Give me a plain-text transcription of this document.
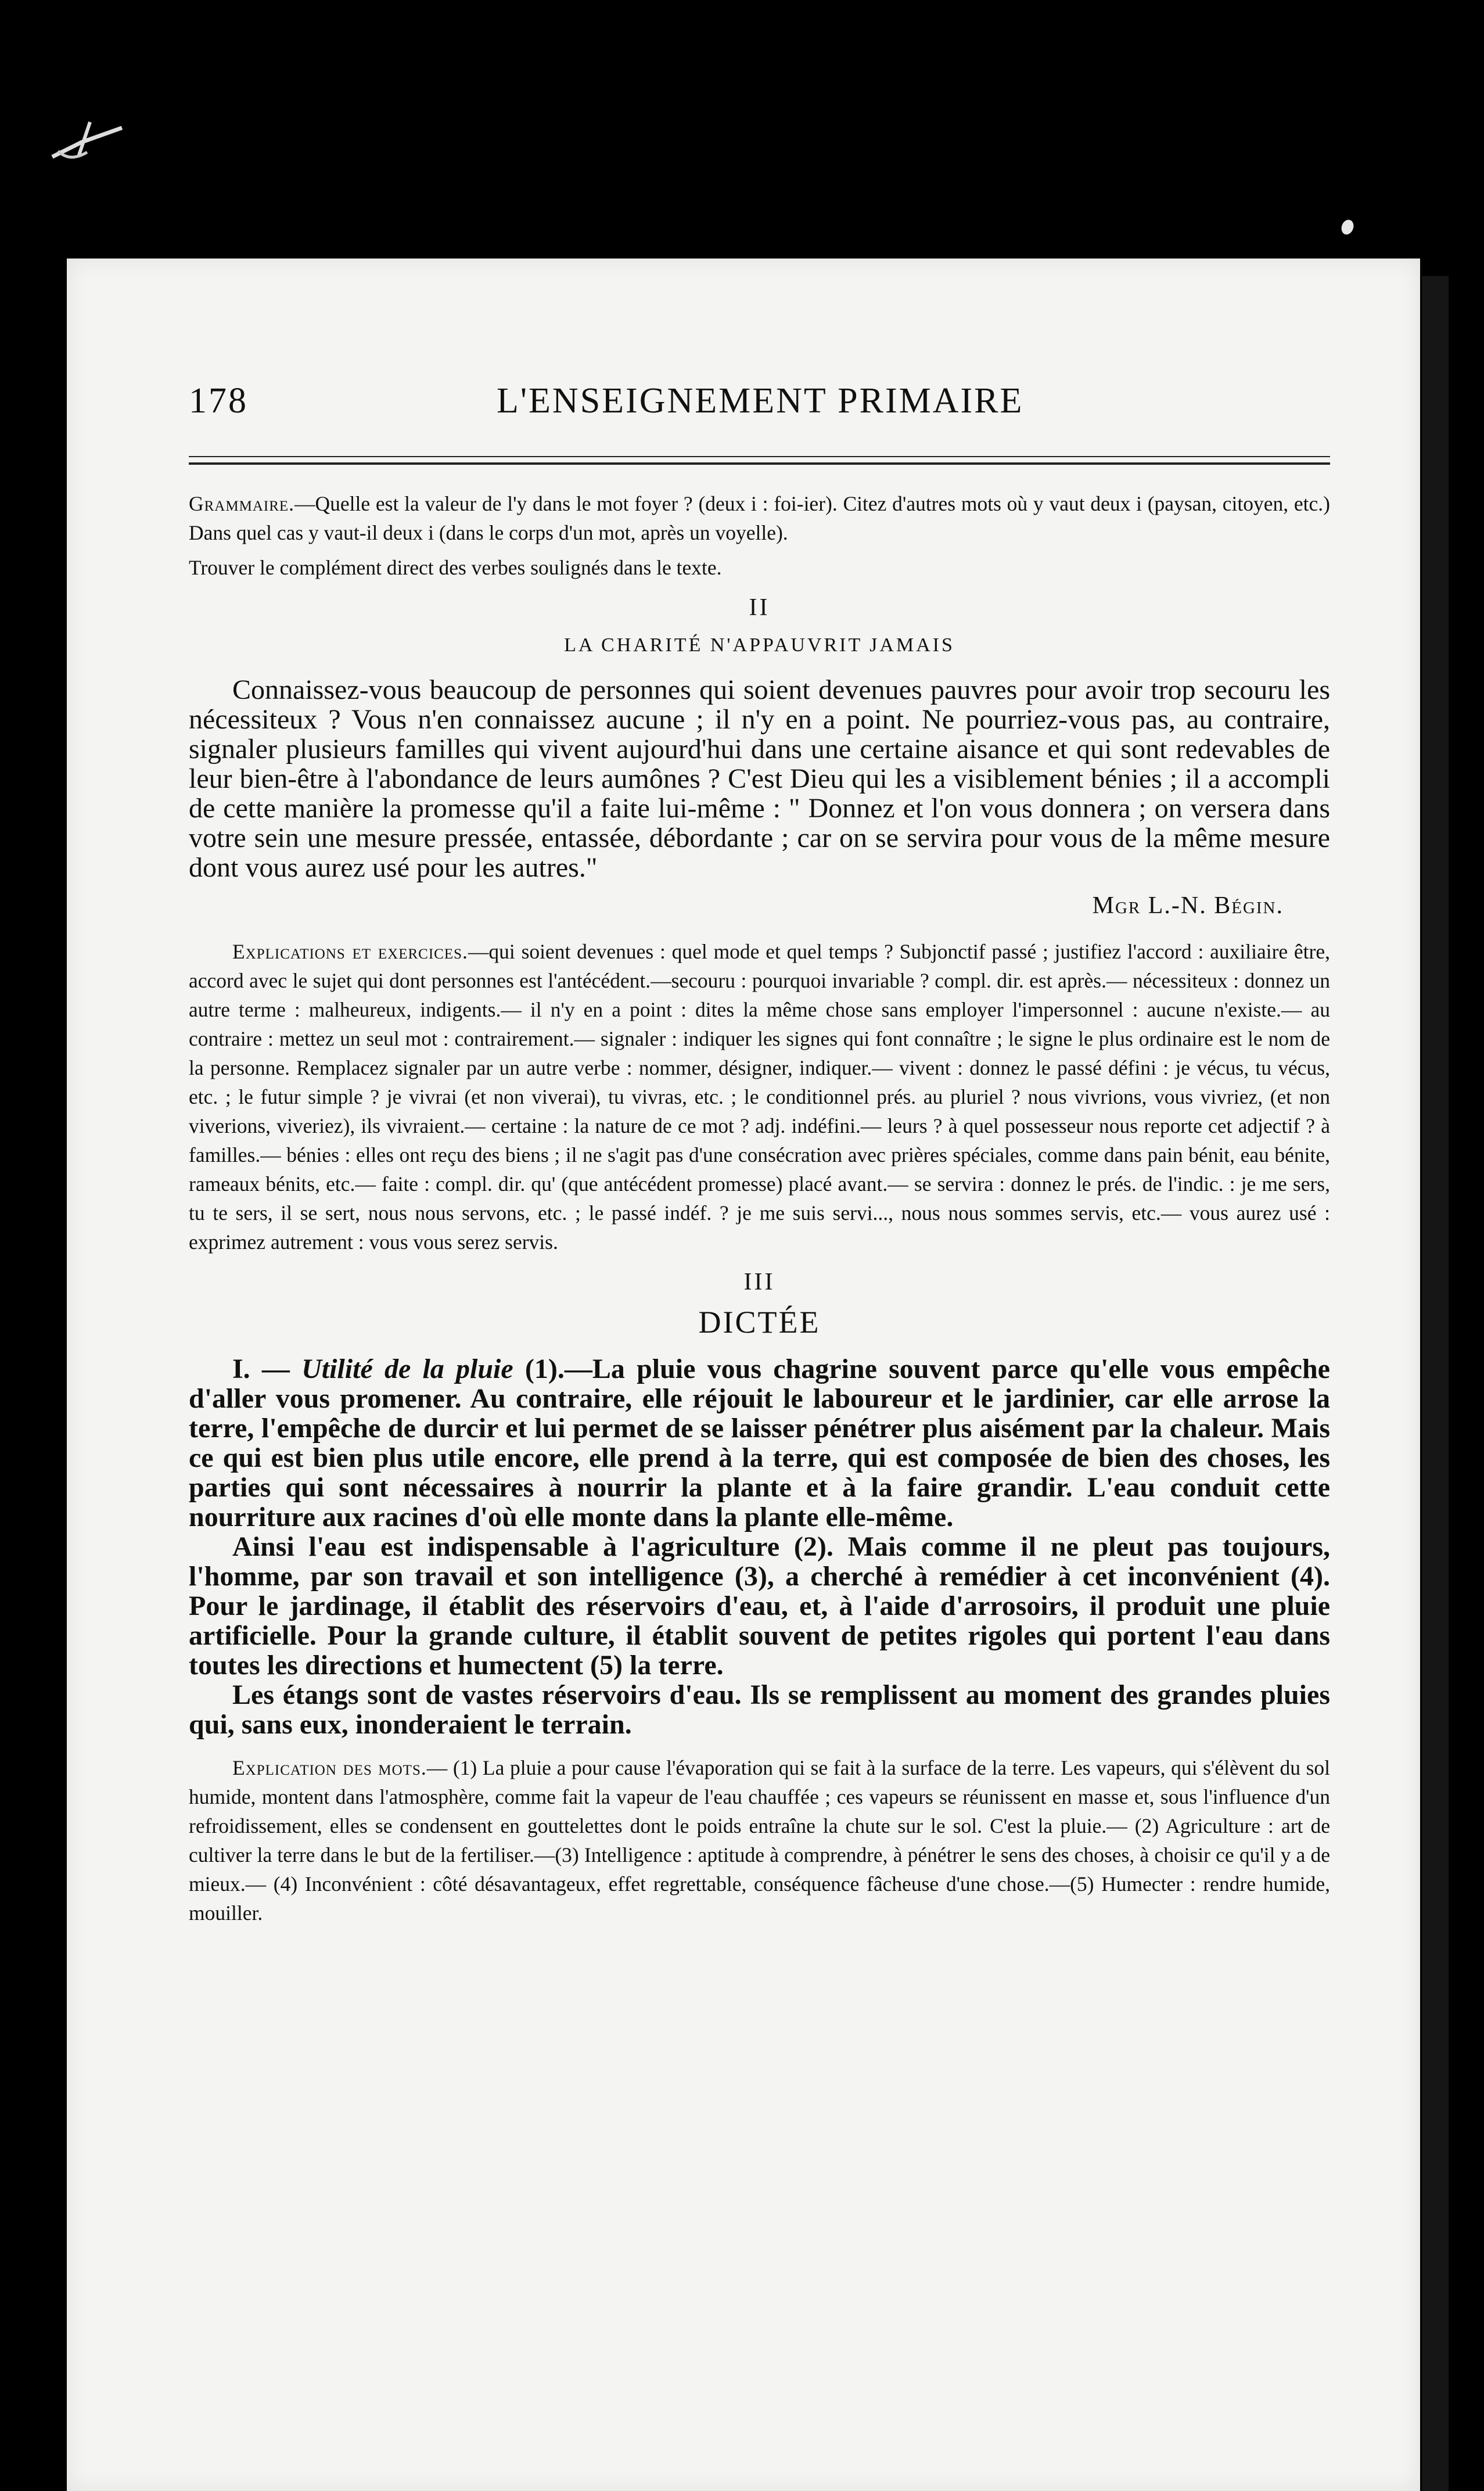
178	L'ENSEIGNEMENT PRIMAIRE

Grammaire.—Quelle est la valeur de l'y dans le mot foyer ? (deux i : foi-ier). Citez d'autres mots où y vaut deux i (paysan, citoyen, etc.) Dans quel cas y vaut-il deux i (dans le corps d'un mot, après un voyelle).

Trouver le complément direct des verbes soulignés dans le texte.

II

LA CHARITÉ N'APPAUVRIT JAMAIS

Connaissez-vous beaucoup de personnes qui soient devenues pauvres pour avoir trop secouru les nécessiteux ? Vous n'en connaissez aucune ; il n'y en a point. Ne pourriez-vous pas, au contraire, signaler plusieurs familles qui vivent aujourd'hui dans une certaine aisance et qui sont redevables de leur bien-être à l'abondance de leurs aumônes ? C'est Dieu qui les a visiblement bénies ; il a accompli de cette manière la promesse qu'il a faite lui-même : " Donnez et l'on vous donnera ; on versera dans votre sein une mesure pressée, entassée, débordante ; car on se servira pour vous de la même mesure dont vous aurez usé pour les autres."

Mgr L.-N. Bégin.

Explications et exercices.—qui soient devenues : quel mode et quel temps ? Subjonctif passé ; justifiez l'accord : auxiliaire être, accord avec le sujet qui dont personnes est l'antécédent.—secouru : pourquoi invariable ? compl. dir. est après.— nécessiteux : donnez un autre terme : malheureux, indigents.— il n'y en a point : dites la même chose sans employer l'impersonnel : aucune n'existe.— au contraire : mettez un seul mot : contrairement.— signaler : indiquer les signes qui font connaître ; le signe le plus ordinaire est le nom de la personne. Remplacez signaler par un autre verbe : nommer, désigner, indiquer.— vivent : donnez le passé défini : je vécus, tu vécus, etc. ; le futur simple ? je vivrai (et non viverai), tu vivras, etc. ; le conditionnel prés. au pluriel ? nous vivrions, vous vivriez, (et non viverions, viveriez), ils vivraient.— certaine : la nature de ce mot ? adj. indéfini.— leurs ? à quel possesseur nous reporte cet adjectif ? à familles.— bénies : elles ont reçu des biens ; il ne s'agit pas d'une consécration avec prières spéciales, comme dans pain bénit, eau bénite, rameaux bénits, etc.— faite : compl. dir. qu' (que antécédent promesse) placé avant.— se servira : donnez le prés. de l'indic. : je me sers, tu te sers, il se sert, nous nous servons, etc. ; le passé indéf. ? je me suis servi..., nous nous sommes servis, etc.— vous aurez usé : exprimez autrement : vous vous serez servis.

III

DICTÉE

I. — Utilité de la pluie (1).—La pluie vous chagrine souvent parce qu'elle vous empêche d'aller vous promener. Au contraire, elle réjouit le laboureur et le jardinier, car elle arrose la terre, l'empêche de durcir et lui permet de se laisser pénétrer plus aisément par la chaleur. Mais ce qui est bien plus utile encore, elle prend à la terre, qui est composée de bien des choses, les parties qui sont nécessaires à nourrir la plante et à la faire grandir. L'eau conduit cette nourriture aux racines d'où elle monte dans la plante elle-même.

Ainsi l'eau est indispensable à l'agriculture (2). Mais comme il ne pleut pas toujours, l'homme, par son travail et son intelligence (3), a cherché à remédier à cet inconvénient (4). Pour le jardinage, il établit des réservoirs d'eau, et, à l'aide d'arrosoirs, il produit une pluie artificielle. Pour la grande culture, il établit souvent de petites rigoles qui portent l'eau dans toutes les directions et humectent (5) la terre.

Les étangs sont de vastes réservoirs d'eau. Ils se remplissent au moment des grandes pluies qui, sans eux, inonderaient le terrain.

Explication des mots.— (1) La pluie a pour cause l'évaporation qui se fait à la surface de la terre. Les vapeurs, qui s'élèvent du sol humide, montent dans l'atmosphère, comme fait la vapeur de l'eau chauffée ; ces vapeurs se réunissent en masse et, sous l'influence d'un refroidissement, elles se condensent en gouttelettes dont le poids entraîne la chute sur le sol. C'est la pluie.— (2) Agriculture : art de cultiver la terre dans le but de la fertiliser.—(3) Intelligence : aptitude à comprendre, à pénétrer le sens des choses, à choisir ce qu'il y a de mieux.— (4) Inconvénient : côté désavantageux, effet regrettable, conséquence fâcheuse d'une chose.—(5) Humecter : rendre humide, mouiller.
